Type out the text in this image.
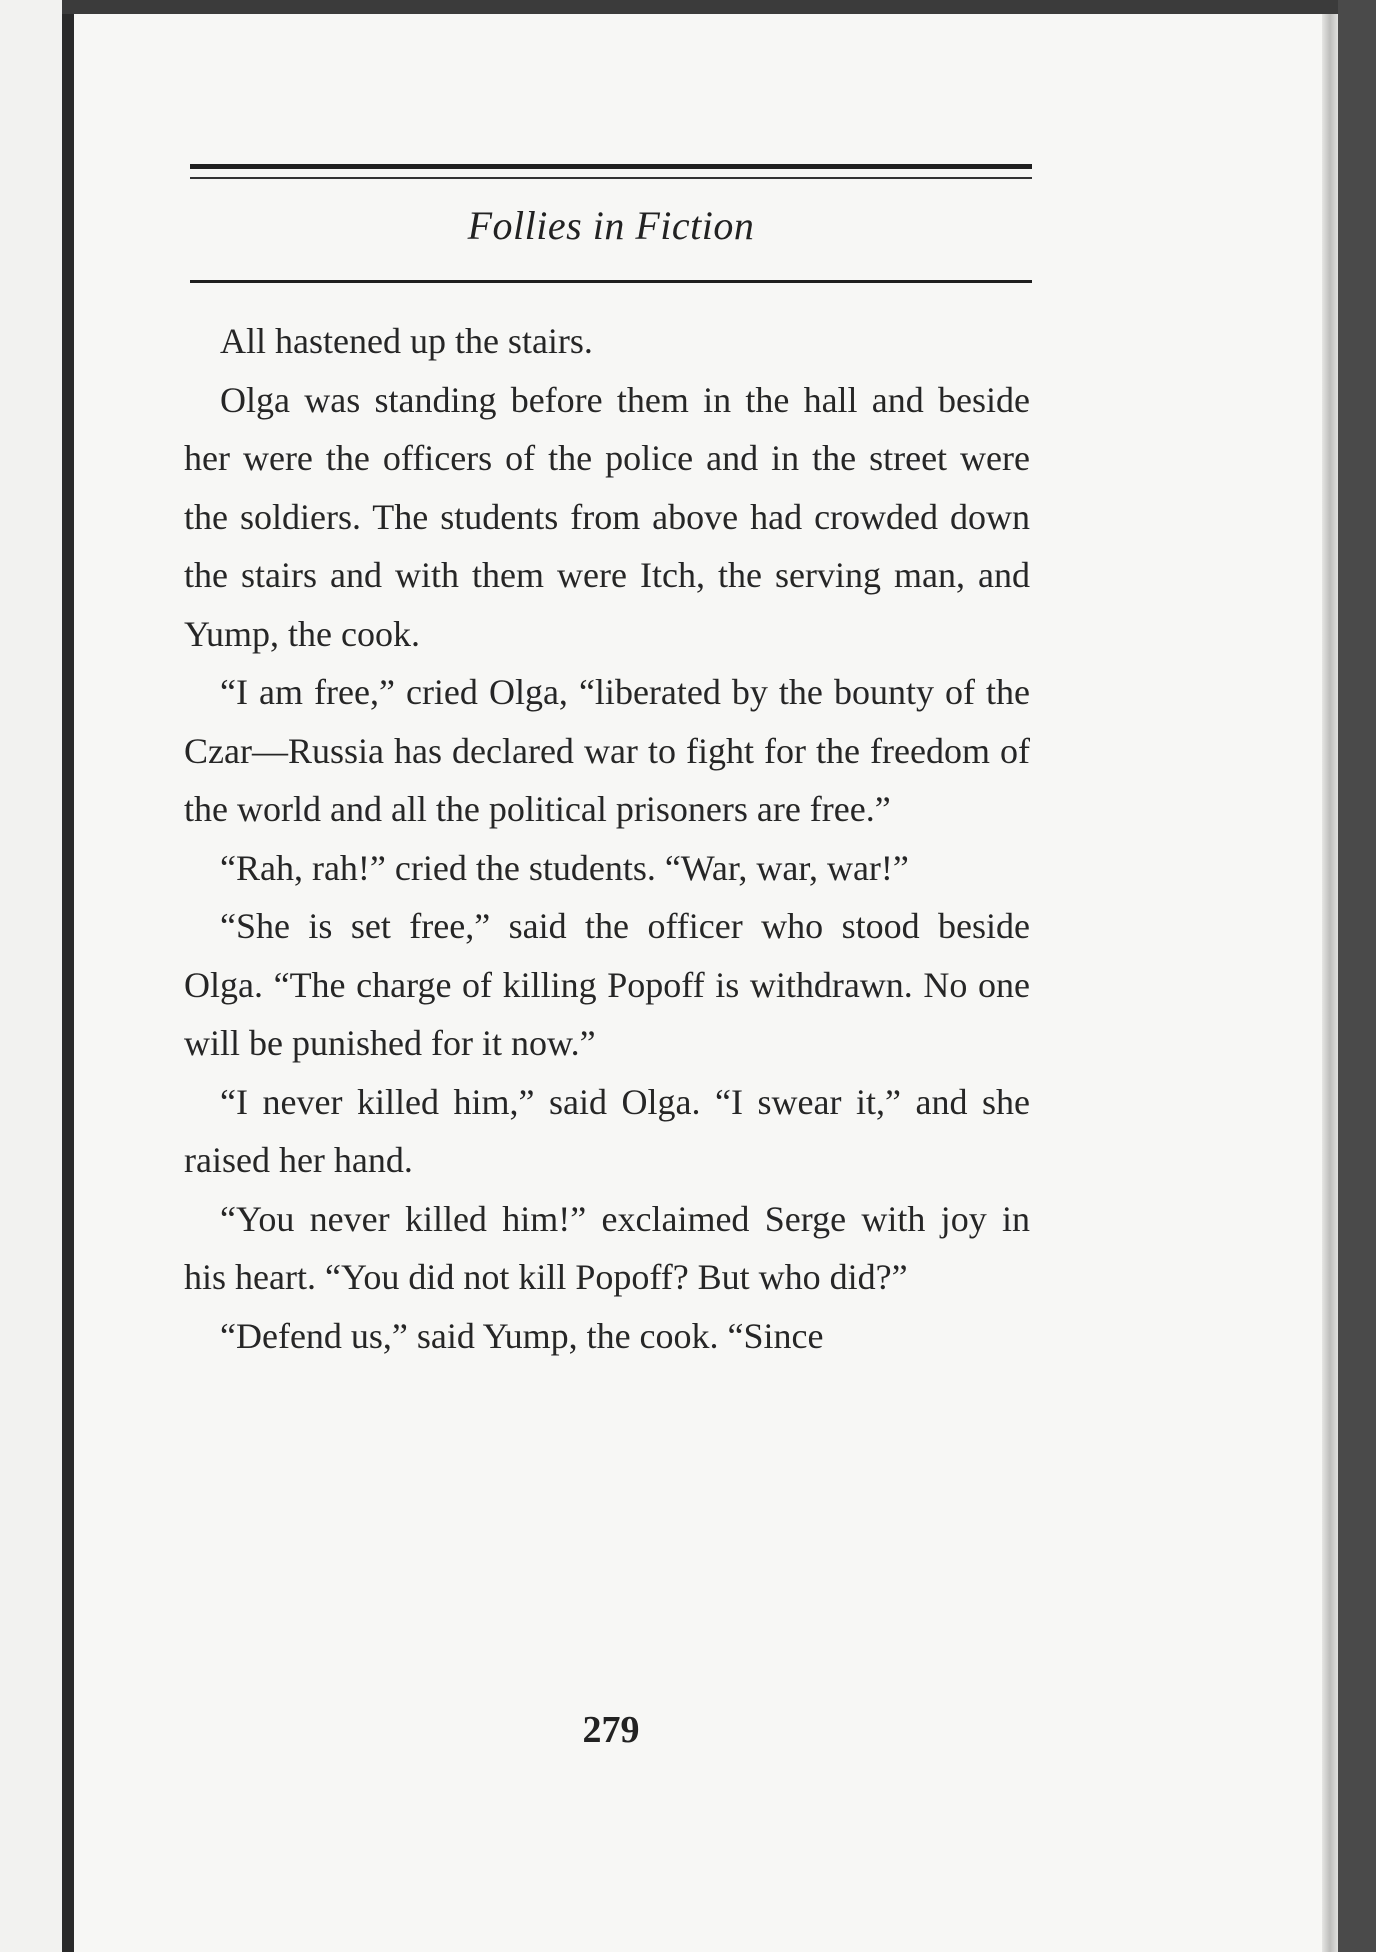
Follies in Fiction

All hastened up the stairs.

Olga was standing before them in the hall and beside her were the officers of the police and in the street were the soldiers. The students from above had crowded down the stairs and with them were Itch, the serving man, and Yump, the cook.

“I am free,” cried Olga, “liberated by the bounty of the Czar—Russia has declared war to fight for the freedom of the world and all the political prisoners are free.”

“Rah, rah!” cried the students. “War, war, war!”

“She is set free,” said the officer who stood beside Olga. “The charge of killing Popoff is withdrawn. No one will be punished for it now.”

“I never killed him,” said Olga. “I swear it,” and she raised her hand.

“You never killed him!” exclaimed Serge with joy in his heart. “You did not kill Popoff? But who did?”

“Defend us,” said Yump, the cook. “Since

279
